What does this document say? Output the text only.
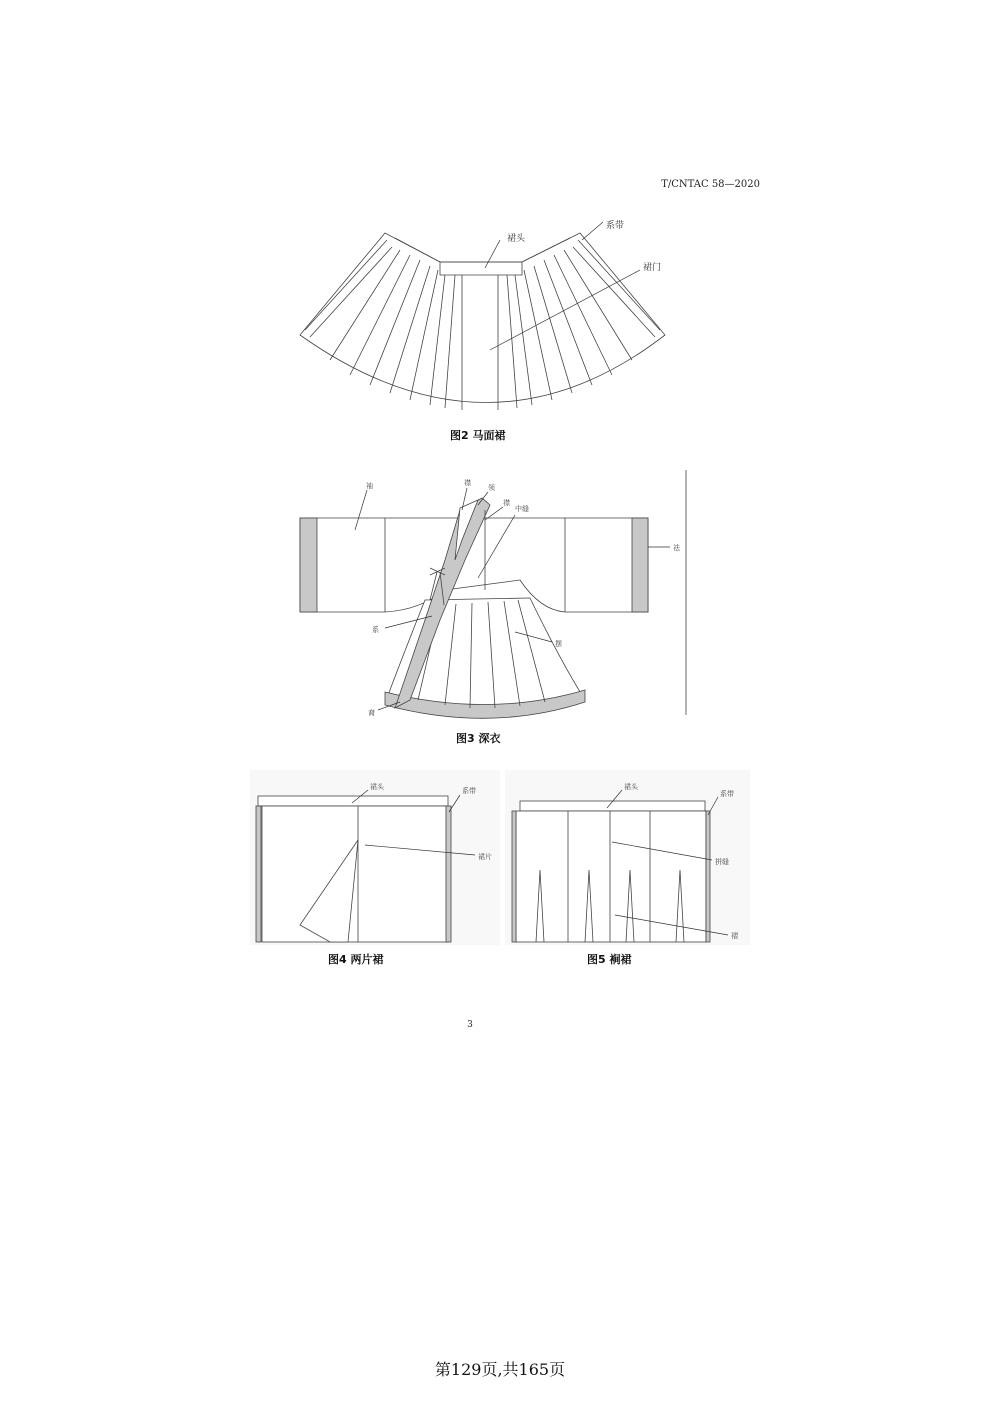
T/CNTAC 58—2020
裙头
系带
裙门
图2 马面裙
袖	襟
领
襟
中缝
祛
系
摆
裔
图3 深衣
裙头	系带
裙片
图4 两片裙
裙头
系带
拼缝
褶
图5 裥裙
3
第129页,共165页
